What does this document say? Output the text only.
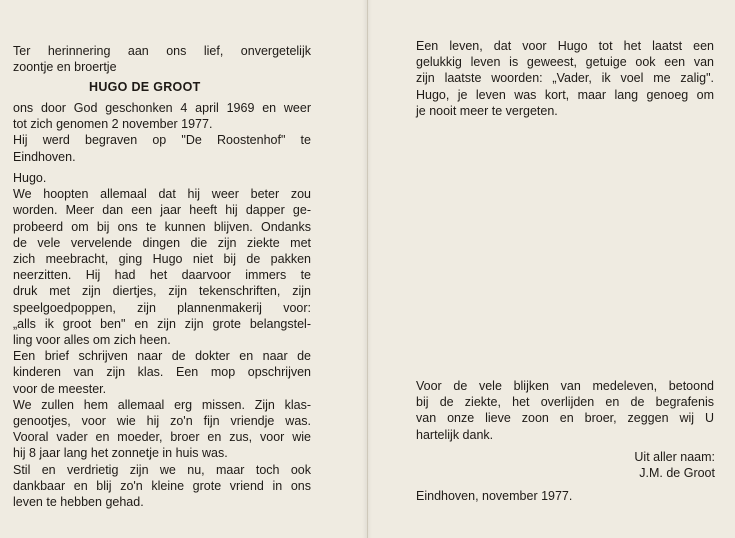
Ter herinnering aan ons lief, onvergetelijk
zoontje en broertje
HUGO DE GROOT
ons door God geschonken 4 april 1969 en weer
tot zich genomen 2 november 1977.
Hij werd begraven op "De Roostenhof" te
Eindhoven.
Hugo.
We hoopten allemaal dat hij weer beter zou
worden. Meer dan een jaar heeft hij dapper ge-
probeerd om bij ons te kunnen blijven. Ondanks
de vele vervelende dingen die zijn ziekte met
zich meebracht, ging Hugo niet bij de pakken
neerzitten. Hij had het daarvoor immers te
druk met zijn diertjes, zijn tekenschriften, zijn
speelgoedpoppen, zijn plannenmakerij voor:
„alls ik groot ben" en zijn zijn grote belangstel-
ling voor alles om zich heen.
Een brief schrijven naar de dokter en naar de
kinderen van zijn klas. Een mop opschrijven
voor de meester.
We zullen hem allemaal erg missen. Zijn klas-
genootjes, voor wie hij zo'n fijn vriendje was.
Vooral vader en moeder, broer en zus, voor wie
hij 8 jaar lang het zonnetje in huis was.
Stil en verdrietig zijn we nu, maar toch ook
dankbaar en blij zo'n kleine grote vriend in ons
leven te hebben gehad.
Een leven, dat voor Hugo tot het laatst een
gelukkig leven is geweest, getuige ook een van
zijn laatste woorden: „Vader, ik voel me zalig".
Hugo, je leven was kort, maar lang genoeg om
je nooit meer te vergeten.
Voor de vele blijken van medeleven, betoond
bij de ziekte, het overlijden en de begrafenis
van onze lieve zoon en broer, zeggen wij U
hartelijk dank.
Uit aller naam:
J.M. de Groot
Eindhoven, november 1977.
